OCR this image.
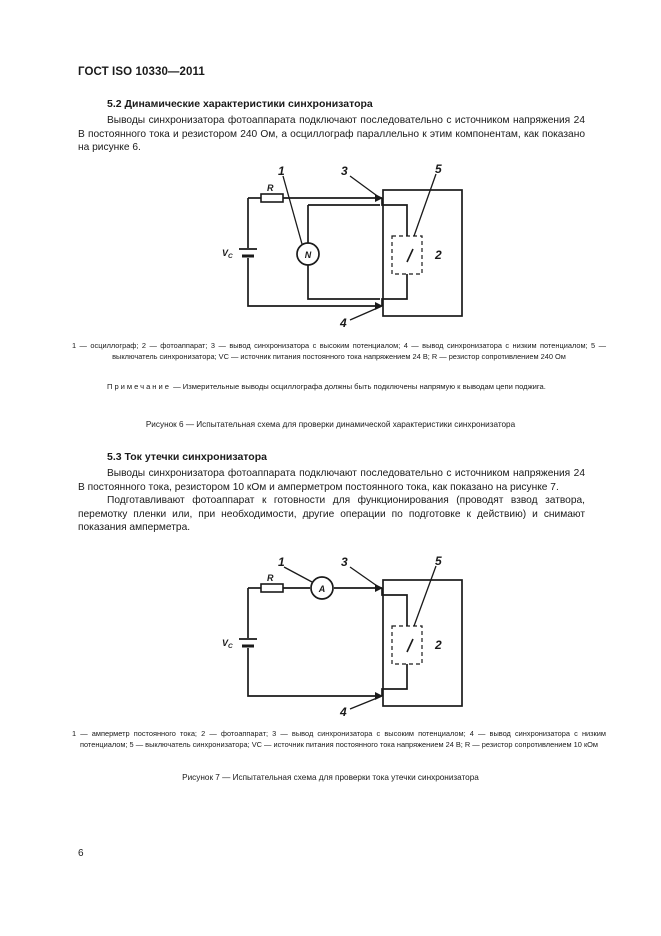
ГОСТ ISO 10330—2011
5.2 Динамические характеристики синхронизатора
Выводы синхронизатора фотоаппарата подключают последовательно с источником напряжения 24 В постоянного тока и резистором 240 Ом, а осциллограф параллельно к этим компонентам, как показано на рисунке 6.
1	3	5
2
4
R
$V_C$	N
1 — осциллограф; 2 — фотоаппарат; 3 — вывод синхронизатора с высоким потенциалом; 4 — вывод синхронизатора с низким потенциалом; 5 — выключатель синхронизатора; VC — источник питания постоянного тока напряжением 24 В; R — резистор сопротивлением 240 Ом
Примечание — Измерительные выводы осциллографа должны быть подключены напрямую к выводам цепи поджига.
Рисунок 6 — Испытательная схема для проверки динамической характеристики синхронизатора
5.3 Ток утечки синхронизатора
Выводы синхронизатора фотоаппарата подключают последовательно с источником напряжения 24 В постоянного тока, резистором 10 кОм и амперметром постоянного тока, как показано на рисунке 7.
Подготавливают фотоаппарат к готовности для функционирования (проводят взвод затвора, перемотку пленки или, при необходимости, другие операции по подготовке к действию) и снимают показания амперметра.
1	3	5
2
4
R
$V_C$
A
1 — амперметр постоянного тока; 2 — фотоаппарат; 3 — вывод синхронизатора с высоким потенциалом; 4 — вывод синхронизатора с низким потенциалом; 5 — выключатель синхронизатора; VC — источник питания постоянного тока напряжением 24 В; R — резистор сопротивлением 10 кОм
Рисунок 7 — Испытательная схема для проверки тока утечки синхронизатора
6
